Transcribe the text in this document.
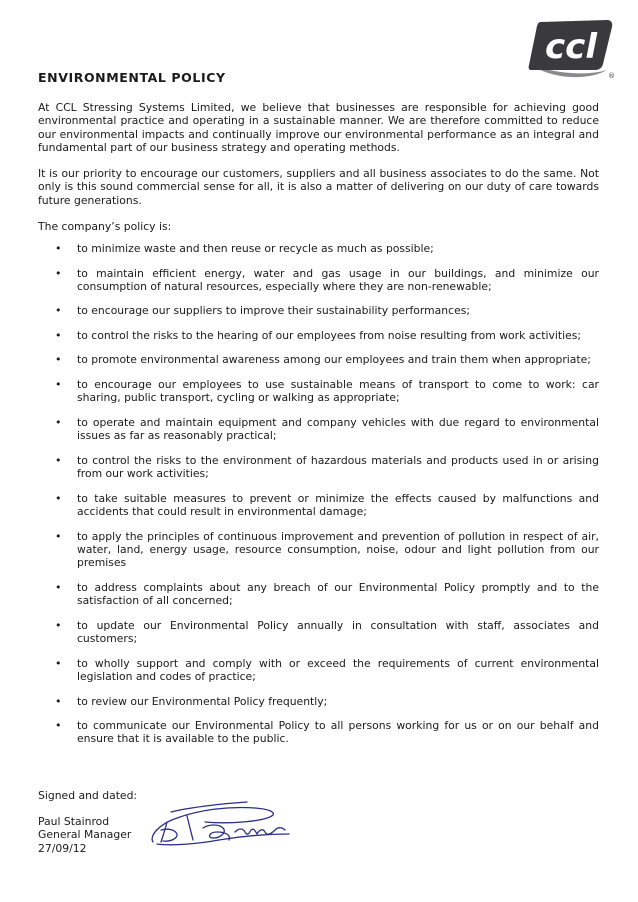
ccl
®
ENVIRONMENTAL POLICY

At CCL Stressing Systems Limited, we believe that businesses are responsible for achieving good environmental practice and operating in a sustainable manner. We are therefore committed to reduce our environmental impacts and continually improve our environmental performance as an integral and fundamental part of our business strategy and operating methods.

It is our priority to encourage our customers, suppliers and all business associates to do the same. Not only is this sound commercial sense for all, it is also a matter of delivering on our duty of care towards future generations.

The company’s policy is:

• to minimize waste and then reuse or recycle as much as possible;
• to maintain efficient energy, water and gas usage in our buildings, and minimize our consumption of natural resources, especially where they are non-renewable;
• to encourage our suppliers to improve their sustainability performances;
• to control the risks to the hearing of our employees from noise resulting from work activities;
• to promote environmental awareness among our employees and train them when appropriate;
• to encourage our employees to use sustainable means of transport to come to work: car sharing, public transport, cycling or walking as appropriate;
• to operate and maintain equipment and company vehicles with due regard to environmental issues as far as reasonably practical;
• to control the risks to the environment of hazardous materials and products used in or arising from our work activities;
• to take suitable measures to prevent or minimize the effects caused by malfunctions and accidents that could result in environmental damage;
• to apply the principles of continuous improvement and prevention of pollution in respect of air, water, land, energy usage, resource consumption, noise, odour and light pollution from our premises
• to address complaints about any breach of our Environmental Policy promptly and to the satisfaction of all concerned;
• to update our Environmental Policy annually in consultation with staff, associates and customers;
• to wholly support and comply with or exceed the requirements of current environmental legislation and codes of practice;
• to review our Environmental Policy frequently;
• to communicate our Environmental Policy to all persons working for us or on our behalf and ensure that it is available to the public.

Signed and dated:

Paul Stainrod
General Manager
27/09/12
